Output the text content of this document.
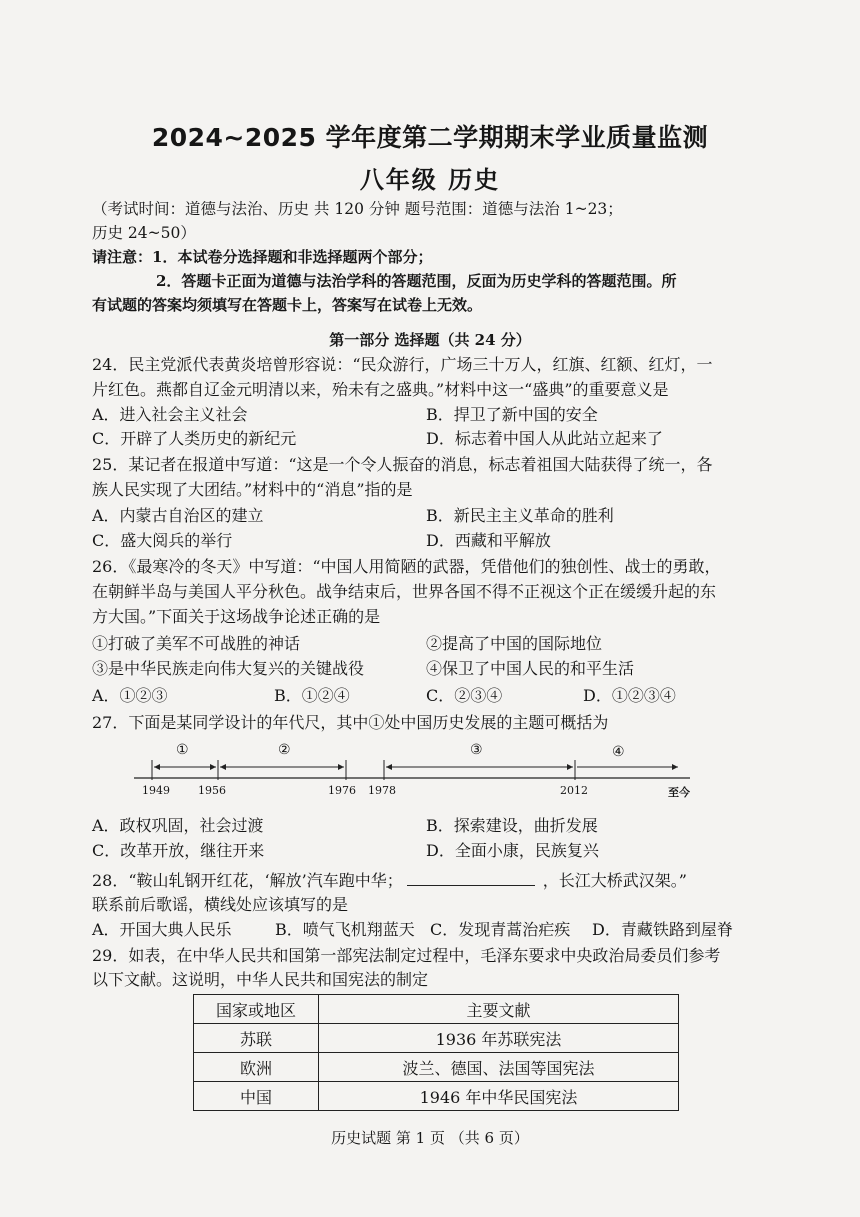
2024~2025 学年度第二学期期末学业质量监测
八年级 历史
（考试时间：道德与法治、历史 共 120 分钟 题号范围：道德与法治 1~23；
历史 24~50）
请注意：1．本试卷分选择题和非选择题两个部分；
2．答题卡正面为道德与法治学科的答题范围，反面为历史学科的答题范围。所
有试题的答案均须填写在答题卡上，答案写在试卷上无效。
第一部分 选择题（共 24 分）
24．民主党派代表黄炎培曾形容说：“民众游行，广场三十万人，红旗、红额、红灯，一
片红色。燕都自辽金元明清以来，殆未有之盛典。”材料中这一“盛典”的重要意义是
A．进入社会主义社会	B．捍卫了新中国的安全
C．开辟了人类历史的新纪元	D．标志着中国人从此站立起来了
25．某记者在报道中写道：“这是一个令人振奋的消息，标志着祖国大陆获得了统一，各
族人民实现了大团结。”材料中的“消息”指的是
A．内蒙古自治区的建立	B．新民主主义革命的胜利
C．盛大阅兵的举行	D．西藏和平解放
26．《最寒冷的冬天》中写道：“中国人用简陋的武器，凭借他们的独创性、战士的勇敢，
在朝鲜半岛与美国人平分秋色。战争结束后，世界各国不得不正视这个正在缓缓升起的东
方大国。”下面关于这场战争论述正确的是
①打破了美军不可战胜的神话	②提高了中国的国际地位
③是中华民族走向伟大复兴的关键战役	④保卫了中国人民的和平生活
A．①②③	B．①②④	C．②③④	D．①②③④
27．下面是某同学设计的年代尺，其中①处中国历史发展的主题可概括为
①	②	③	④
1949	1956	1976 1978	2012	至今
A．政权巩固，社会过渡	B．探索建设，曲折发展
C．改革开放，继往开来	D．全面小康，民族复兴
28．“鞍山轧钢开红花，‘解放’汽车跑中华；	，长江大桥武汉架。”
联系前后歌谣，横线处应该填写的是
A．开国大典人民乐	B．喷气飞机翔蓝天 C．发现青蒿治疟疾 D．青藏铁路到屋脊
29．如表，在中华人民共和国第一部宪法制定过程中，毛泽东要求中央政治局委员们参考
以下文献。这说明，中华人民共和国宪法的制定
国家或地区	主要文献
苏联	1936 年苏联宪法
欧洲	波兰、德国、法国等国宪法
中国	1946 年中华民国宪法
历史试题 第 1 页 （共 6 页）
